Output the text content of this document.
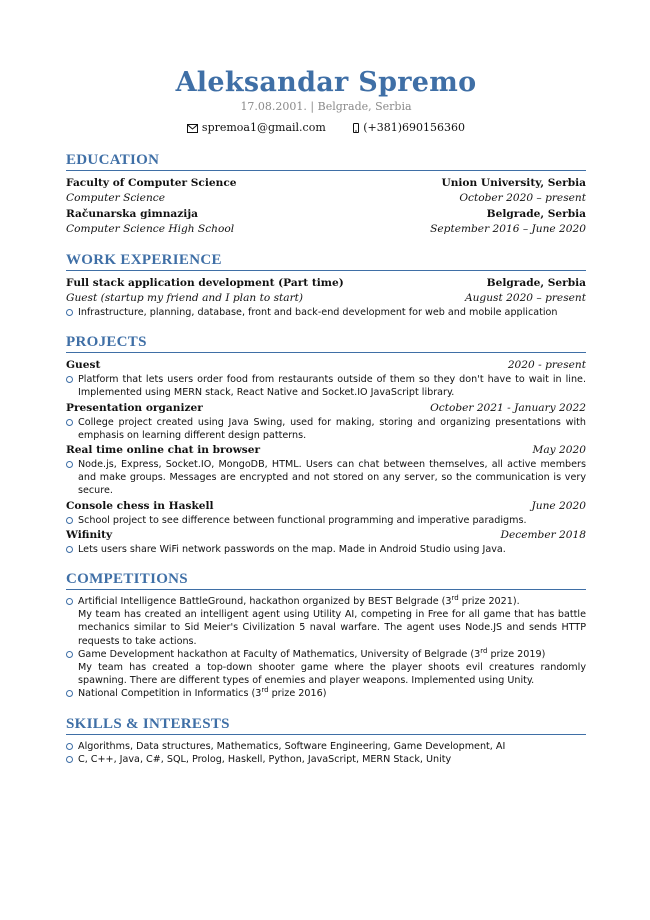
Aleksandar Spremo
17.08.2001. | Belgrade, Serbia
spremoa1@gmail.com	(+381)690156360
EDUCATION
Faculty of Computer Science	Union University, Serbia
Computer Science	October 2020 – present
Računarska gimnazija	Belgrade, Serbia
Computer Science High School	September 2016 – June 2020
WORK EXPERIENCE
Full stack application development (Part time)	Belgrade, Serbia
Guest (startup my friend and I plan to start)	August 2020 – present
Infrastructure, planning, database, front and back-end development for web and mobile application
PROJECTS
Guest	2020 - present
Platform that lets users order food from restaurants outside of them so they don't have to wait in line. Implemented using MERN stack, React Native and Socket.IO JavaScript library.
Presentation organizer	October 2021 - January 2022
College project created using Java Swing, used for making, storing and organizing presentations with emphasis on learning different design patterns.
Real time online chat in browser	May 2020
Node.js, Express, Socket.IO, MongoDB, HTML. Users can chat between themselves, all active members and make groups. Messages are encrypted and not stored on any server, so the communication is very secure.
Console chess in Haskell	June 2020
School project to see difference between functional programming and imperative paradigms.
Wifinity	December 2018
Lets users share WiFi network passwords on the map. Made in Android Studio using Java.
COMPETITIONS
Artificial Intelligence BattleGround, hackathon organized by BEST Belgrade (3rd prize 2021).
My team has created an intelligent agent using Utility AI, competing in Free for all game that has battle mechanics similar to Sid Meier's Civilization 5 naval warfare. The agent uses Node.JS and sends HTTP requests to take actions.
Game Development hackathon at Faculty of Mathematics, University of Belgrade (3rd prize 2019)
My team has created a top-down shooter game where the player shoots evil creatures randomly spawning. There are different types of enemies and player weapons. Implemented using Unity.
National Competition in Informatics (3rd prize 2016)
SKILLS & INTERESTS
Algorithms, Data structures, Mathematics, Software Engineering, Game Development, AI
C, C++, Java, C#, SQL, Prolog, Haskell, Python, JavaScript, MERN Stack, Unity
